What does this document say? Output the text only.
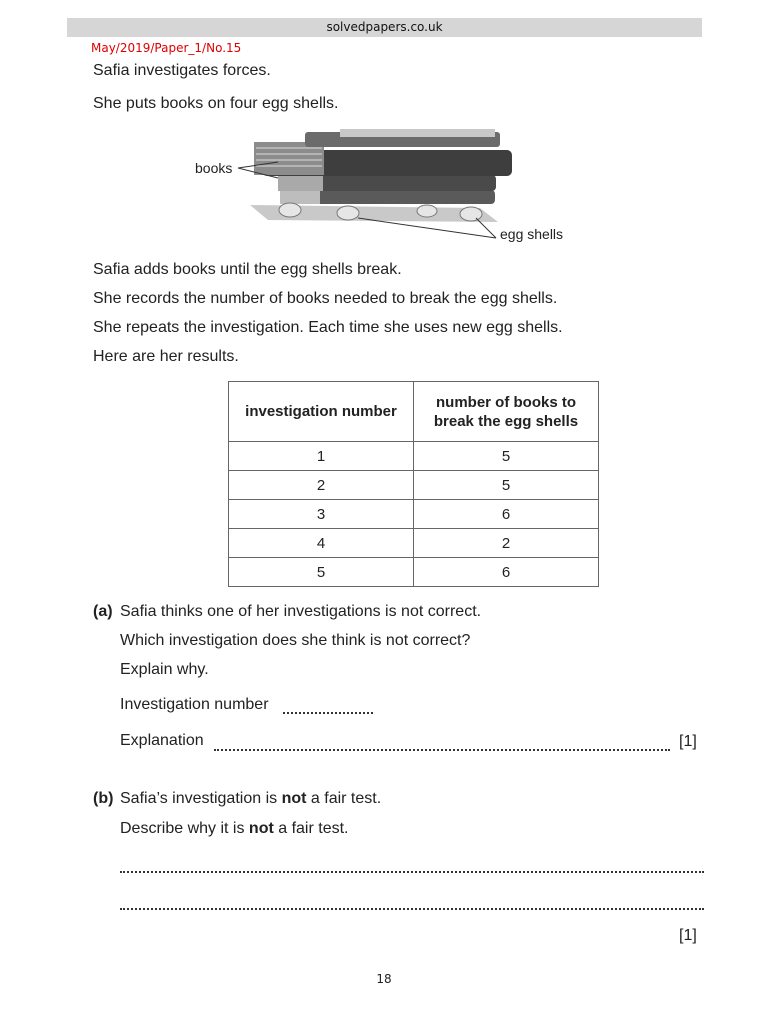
solvedpapers.co.uk
May/2019/Paper_1/No.15
Safia investigates forces.
She puts books on four egg shells.
books
egg shells
Safia adds books until the egg shells break.
She records the number of books needed to break the egg shells.
She repeats the investigation. Each time she uses new egg shells.
Here are her results.
investigation number	number of books to break the egg shells
1	5
2	5
3	6
4	2
5	6
(a) Safia thinks one of her investigations is not correct.
Which investigation does she think is not correct?
Explain why.
Investigation number
Explanation	[1]
(b) Safia’s investigation is not a fair test.
Describe why it is not a fair test.
[1]
18
